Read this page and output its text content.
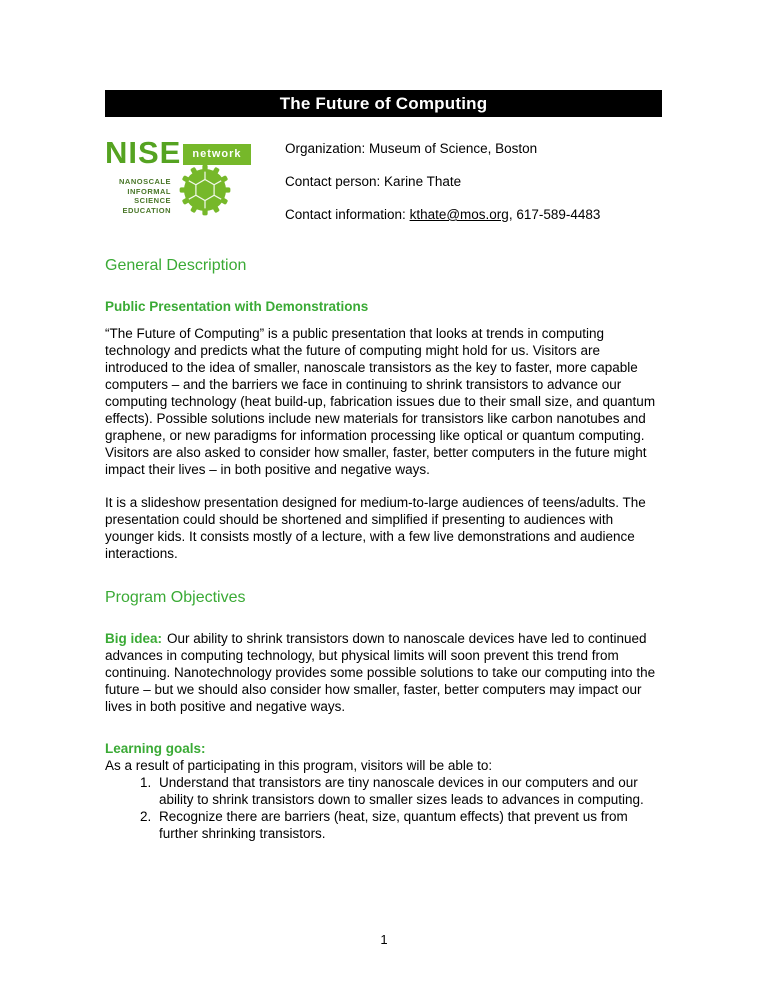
The Future of Computing
NISE	network
NANOSCALE
INFORMAL
SCIENCE
EDUCATION

Organization: Museum of Science, Boston

Contact person: Karine Thate

Contact information: kthate@mos.org, 617-589-4483

General Description
Public Presentation with Demonstrations

“The Future of Computing” is a public presentation that looks at trends in computing technology and predicts what the future of computing might hold for us. Visitors are introduced to the idea of smaller, nanoscale transistors as the key to faster, more capable computers – and the barriers we face in continuing to shrink transistors to advance our computing technology (heat build-up, fabrication issues due to their small size, and quantum effects). Possible solutions include new materials for transistors like carbon nanotubes and graphene, or new paradigms for information processing like optical or quantum computing. Visitors are also asked to consider how smaller, faster, better computers in the future might impact their lives – in both positive and negative ways.

It is a slideshow presentation designed for medium-to-large audiences of teens/adults. The presentation could should be shortened and simplified if presenting to audiences with younger kids. It consists mostly of a lecture, with a few live demonstrations and audience interactions.

Program Objectives

Big idea: Our ability to shrink transistors down to nanoscale devices have led to continued advances in computing technology, but physical limits will soon prevent this trend from continuing. Nanotechnology provides some possible solutions to take our computing into the future – but we should also consider how smaller, faster, better computers may impact our lives in both positive and negative ways.

Learning goals:

As a result of participating in this program, visitors will be able to:

1. Understand that transistors are tiny nanoscale devices in our computers and our ability to shrink transistors down to smaller sizes leads to advances in computing.
2. Recognize there are barriers (heat, size, quantum effects) that prevent us from further shrinking transistors.
1
